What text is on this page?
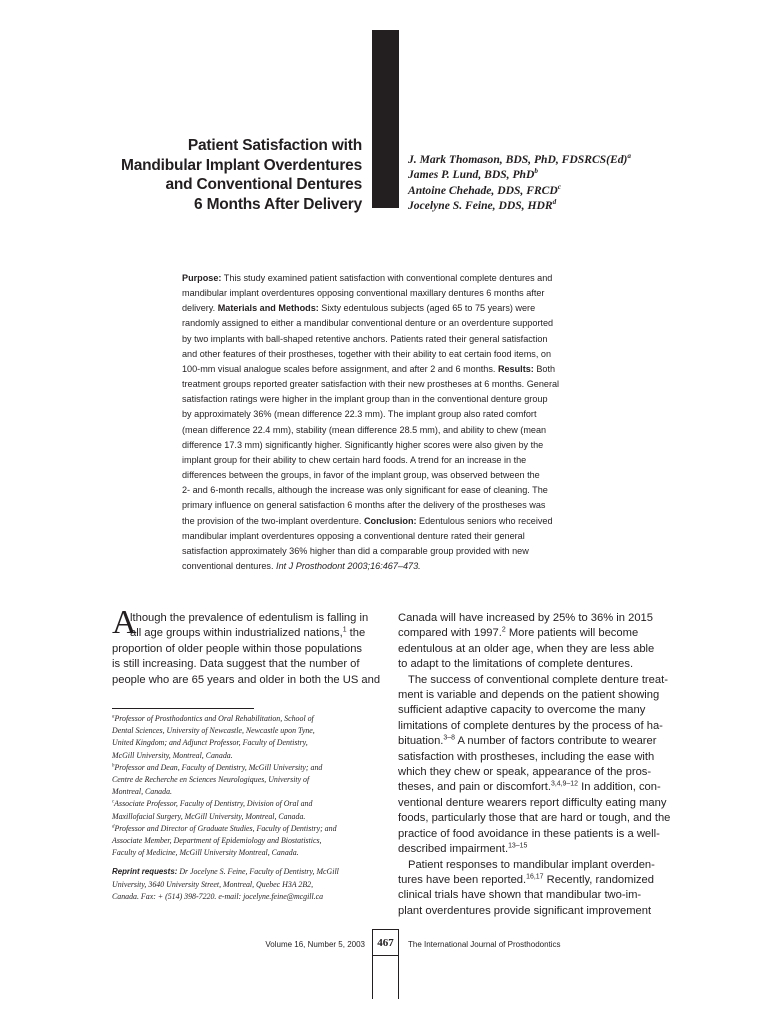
Patient Satisfaction with
Mandibular Implant Overdentures
and Conventional Dentures
6 Months After Delivery
J. Mark Thomason, BDS, PhD, $FDSRCS(Ed)^a$
James P. Lund, BDS, PhD$^b$
Antoine Chehade, DDS, FRCD$^c$
Jocelyne S. Feine, DDS, HDR$^d$
Purpose: This study examined patient satisfaction with conventional complete dentures and
mandibular implant overdentures opposing conventional maxillary dentures 6 months after
delivery. Materials and Methods: Sixty edentulous subjects (aged 65 to 75 years) were
randomly assigned to either a mandibular conventional denture or an overdenture supported
by two implants with ball-shaped retentive anchors. Patients rated their general satisfaction
and other features of their prostheses, together with their ability to eat certain food items, on
100-mm visual analogue scales before assignment, and after 2 and 6 months. Results: Both
treatment groups reported greater satisfaction with their new prostheses at 6 months. General
satisfaction ratings were higher in the implant group than in the conventional denture group
by approximately 36% (mean difference 22.3 mm). The implant group also rated comfort
(mean difference 22.4 mm), stability (mean difference 28.5 mm), and ability to chew (mean
difference 17.3 mm) significantly higher. Significantly higher scores were also given by the
implant group for their ability to chew certain hard foods. A trend for an increase in the
differences between the groups, in favor of the implant group, was observed between the
2- and 6-month recalls, although the increase was only significant for ease of cleaning. The
primary influence on general satisfaction 6 months after the delivery of the prostheses was
the provision of the two-implant overdenture. Conclusion: Edentulous seniors who received
mandibular implant overdentures opposing a conventional denture rated their general
satisfaction approximately 36% higher than did a comparable group provided with new
conventional dentures. Int J Prosthodont 2003;16:467–473.
A
lthough the prevalence of edentulism is falling in
all age groups within industrialized nations,$^1$ the
proportion of older people within those populations
is still increasing. Data suggest that the number of
people who are 65 years and older in both the US and
$^a$Professor of Prosthodontics and Oral Rehabilitation, School of
Dental Sciences, University of Newcastle, Newcastle upon Tyne,
United Kingdom; and Adjunct Professor, Faculty of Dentistry,
McGill University, Montreal, Canada.
$^b$Professor and Dean, Faculty of Dentistry, McGill University; and
Centre de Recherche en Sciences Neurologiques, University of
Montreal, Canada.
$^c$Associate Professor, Faculty of Dentistry, Division of Oral and
Maxillofacial Surgery, McGill University, Montreal, Canada.
$^d$Professor and Director of Graduate Studies, Faculty of Dentistry; and
Associate Member, Department of Epidemiology and Biostatistics,
Faculty of Medicine, McGill University Montreal, Canada.
Reprint requests: Dr Jocelyne S. Feine, Faculty of Dentistry, McGill
University, 3640 University Street, Montreal, Quebec H3A 2B2,
Canada. Fax: + (514) 398-7220. e-mail: jocelyne.feine@mcgill.ca
Canada will have increased by 25% to 36% in 2015
compared with 1997.$^2$ More patients will become
edentulous at an older age, when they are less able
to adapt to the limitations of complete dentures.
The success of conventional complete denture treat-
ment is variable and depends on the patient showing
sufficient adaptive capacity to overcome the many
limitations of complete dentures by the process of ha-
bituation.$^{3-8}$ A number of factors contribute to wearer
satisfaction with prostheses, including the ease with
which they chew or speak, appearance of the pros-
theses, and pain or discomfort.$^{3,4,9-12}$ In addition, con-
ventional denture wearers report difficulty eating many
foods, particularly those that are hard or tough, and the
practice of food avoidance in these patients is a well-
described impairment.$^{13-15}$
Patient responses to mandibular implant overden-
tures have been reported.$^{16,17}$ Recently, randomized
clinical trials have shown that mandibular two-im-
plant overdentures provide significant improvement
Volume 16, Number 5, 2003	467	The International Journal of Prosthodontics
